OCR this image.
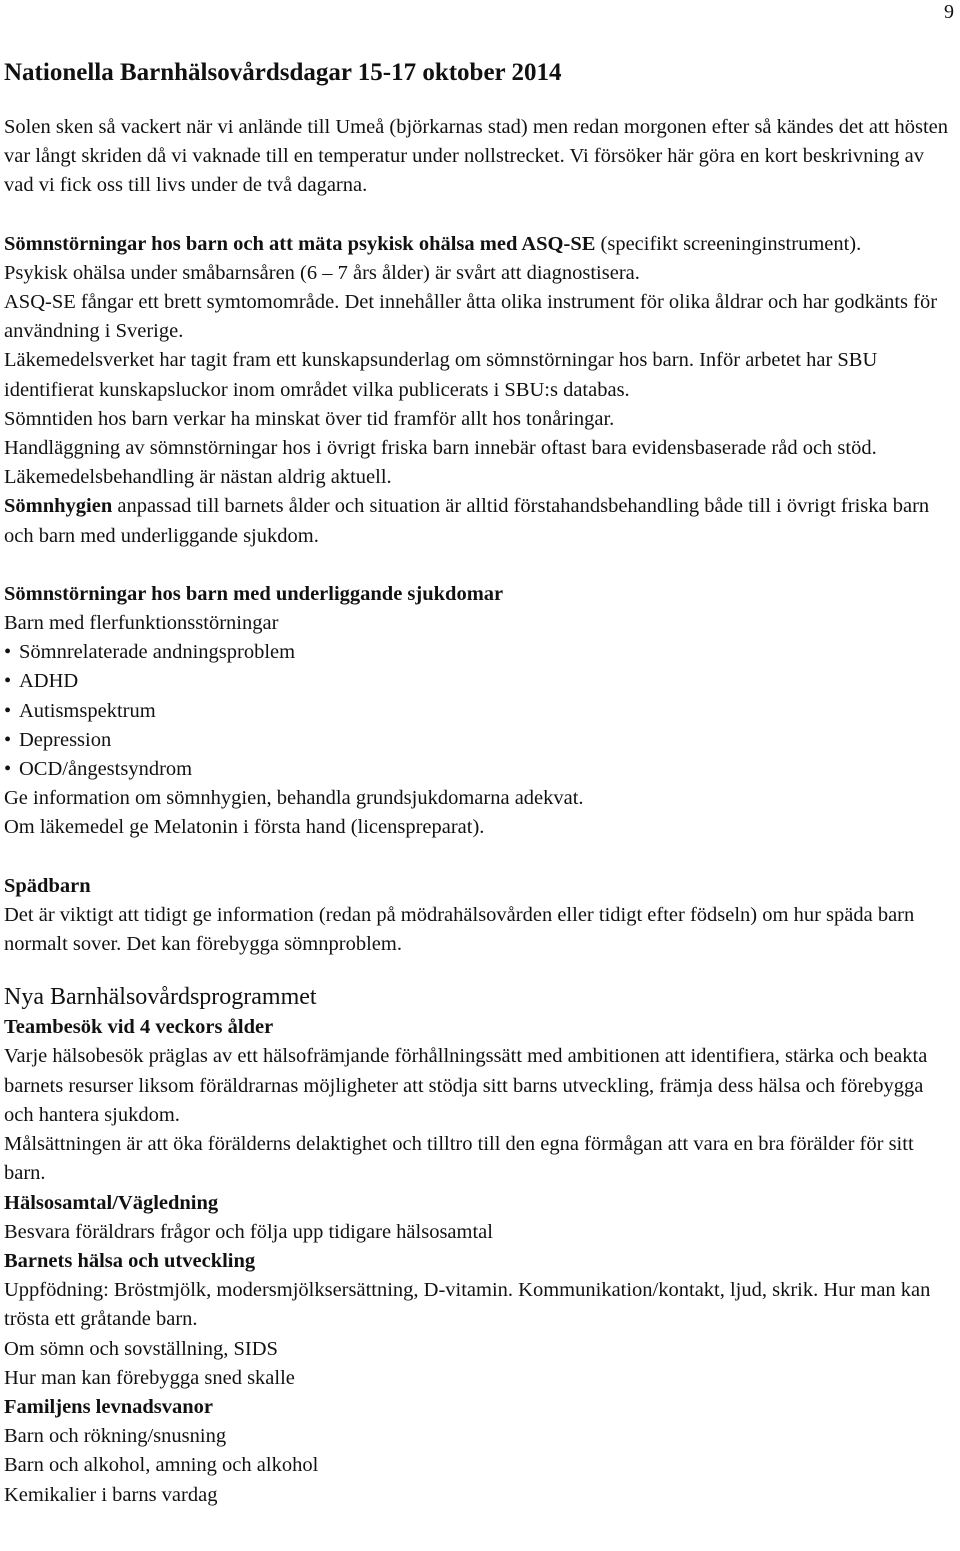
9
Nationella Barnhälsovårdsdagar 15-17 oktober 2014

Solen sken så vackert när vi anlände till Umeå (björkarnas stad) men redan morgonen efter så kändes det att hösten var långt skriden då vi vaknade till en temperatur under nollstrecket. Vi försöker här göra en kort beskrivning av vad vi fick oss till livs under de två dagarna.

Sömnstörningar hos barn och att mäta psykisk ohälsa med ASQ-SE (specifikt screeninginstrument).

Psykisk ohälsa under småbarnsåren (6 – 7 års ålder) är svårt att diagnostisera.

ASQ-SE fångar ett brett symtomområde. Det innehåller åtta olika instrument för olika åldrar och har godkänts för användning i Sverige.

Läkemedelsverket har tagit fram ett kunskapsunderlag om sömnstörningar hos barn. Inför arbetet har SBU identifierat kunskapsluckor inom området vilka publicerats i SBU:s databas.

Sömntiden hos barn verkar ha minskat över tid framför allt hos tonåringar.

Handläggning av sömnstörningar hos i övrigt friska barn innebär oftast bara evidensbaserade råd och stöd. Läkemedelsbehandling är nästan aldrig aktuell.

Sömnhygien anpassad till barnets ålder och situation är alltid förstahandsbehandling både till i övrigt friska barn och barn med underliggande sjukdom.

Sömnstörningar hos barn med underliggande sjukdomar

Barn med flerfunktionsstörningar

• Sömnrelaterade andningsproblem
• ADHD
• Autismspektrum
• Depression
• OCD/ångestsyndrom

Ge information om sömnhygien, behandla grundsjukdomarna adekvat.

Om läkemedel ge Melatonin i första hand (licenspreparat).

Spädbarn

Det är viktigt att tidigt ge information (redan på mödrahälsovården eller tidigt efter födseln) om hur späda barn normalt sover. Det kan förebygga sömnproblem.

Nya Barnhälsovårdsprogrammet

Teambesök vid 4 veckors ålder

Varje hälsobesök präglas av ett hälsofrämjande förhållningssätt med ambitionen att identifiera, stärka och beakta barnets resurser liksom föräldrarnas möjligheter att stödja sitt barns utveckling, främja dess hälsa och förebygga och hantera sjukdom.

Målsättningen är att öka förälderns delaktighet och tilltro till den egna förmågan att vara en bra förälder för sitt barn.

Hälsosamtal/Vägledning

Besvara föräldrars frågor och följa upp tidigare hälsosamtal

Barnets hälsa och utveckling

Uppfödning: Bröstmjölk, modersmjölksersättning, D-vitamin. Kommunikation/kontakt, ljud, skrik. Hur man kan trösta ett gråtande barn.

Om sömn och sovställning, SIDS

Hur man kan förebygga sned skalle

Familjens levnadsvanor

Barn och rökning/snusning

Barn och alkohol, amning och alkohol

Kemikalier i barns vardag
